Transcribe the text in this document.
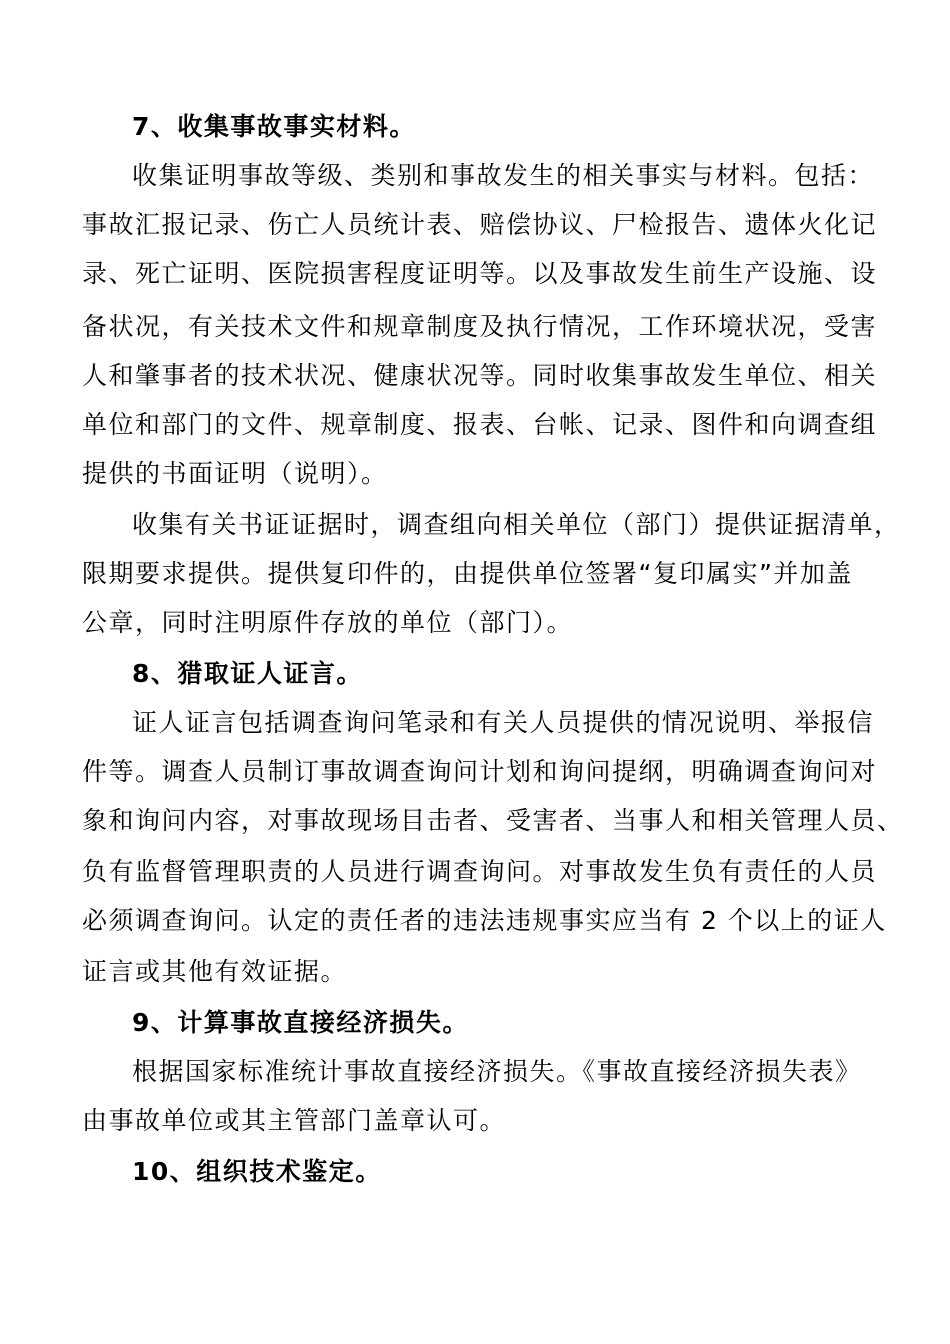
7、收集事故事实材料。
收集证明事故等级、类别和事故发生的相关事实与材料。包括：
事故汇报记录、伤亡人员统计表、赔偿协议、尸检报告、遗体火化记
录、死亡证明、医院损害程度证明等。以及事故发生前生产设施、设
备状况，有关技术文件和规章制度及执行情况，工作环境状况，受害
人和肇事者的技术状况、健康状况等。同时收集事故发生单位、相关
单位和部门的文件、规章制度、报表、台帐、记录、图件和向调查组
提供的书面证明（说明）。
收集有关书证证据时，调查组向相关单位（部门）提供证据清单，
限期要求提供。提供复印件的，由提供单位签署“复印属实”并加盖
公章，同时注明原件存放的单位（部门）。
8、猎取证人证言。
证人证言包括调查询问笔录和有关人员提供的情况说明、举报信
件等。调查人员制订事故调查询问计划和询问提纲，明确调查询问对
象和询问内容，对事故现场目击者、受害者、当事人和相关管理人员、
负有监督管理职责的人员进行调查询问。对事故发生负有责任的人员
必须调查询问。认定的责任者的违法违规事实应当有 2 个以上的证人
证言或其他有效证据。
9、计算事故直接经济损失。
根据国家标准统计事故直接经济损失。《事故直接经济损失表》
由事故单位或其主管部门盖章认可。
10、组织技术鉴定。
